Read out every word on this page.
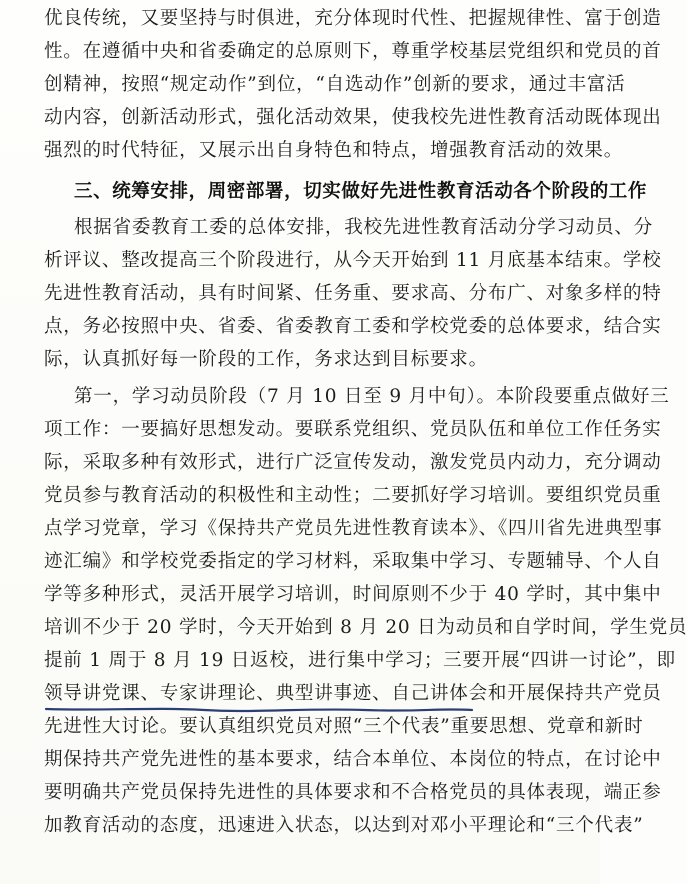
优良传统，又要坚持与时俱进，充分体现时代性、把握规律性、富于创造
性。在遵循中央和省委确定的总原则下，尊重学校基层党组织和党员的首
创精神，按照“规定动作”到位，“自选动作”创新的要求，通过丰富活
动内容，创新活动形式，强化活动效果，使我校先进性教育活动既体现出
强烈的时代特征，又展示出自身特色和特点，增强教育活动的效果。
三、统筹安排，周密部署，切实做好先进性教育活动各个阶段的工作
根据省委教育工委的总体安排，我校先进性教育活动分学习动员、分
析评议、整改提高三个阶段进行，从今天开始到 11 月底基本结束。学校
先进性教育活动，具有时间紧、任务重、要求高、分布广、对象多样的特
点，务必按照中央、省委、省委教育工委和学校党委的总体要求，结合实
际，认真抓好每一阶段的工作，务求达到目标要求。
第一，学习动员阶段（7 月 10 日至 9 月中旬）。本阶段要重点做好三
项工作：一要搞好思想发动。要联系党组织、党员队伍和单位工作任务实
际，采取多种有效形式，进行广泛宣传发动，激发党员内动力，充分调动
党员参与教育活动的积极性和主动性；二要抓好学习培训。要组织党员重
点学习党章，学习《保持共产党员先进性教育读本》、《四川省先进典型事
迹汇编》和学校党委指定的学习材料，采取集中学习、专题辅导、个人自
学等多种形式，灵活开展学习培训，时间原则不少于 40 学时，其中集中
培训不少于 20 学时，今天开始到 8 月 20 日为动员和自学时间，学生党员
提前 1 周于 8 月 19 日返校，进行集中学习；三要开展“四讲一讨论”，即
领导讲党课、专家讲理论、典型讲事迹、自己讲体会和开展保持共产党员
先进性大讨论。要认真组织党员对照“三个代表”重要思想、党章和新时
期保持共产党先进性的基本要求，结合本单位、本岗位的特点，在讨论中
要明确共产党员保持先进性的具体要求和不合格党员的具体表现，端正参
加教育活动的态度，迅速进入状态，以达到对邓小平理论和“三个代表”
